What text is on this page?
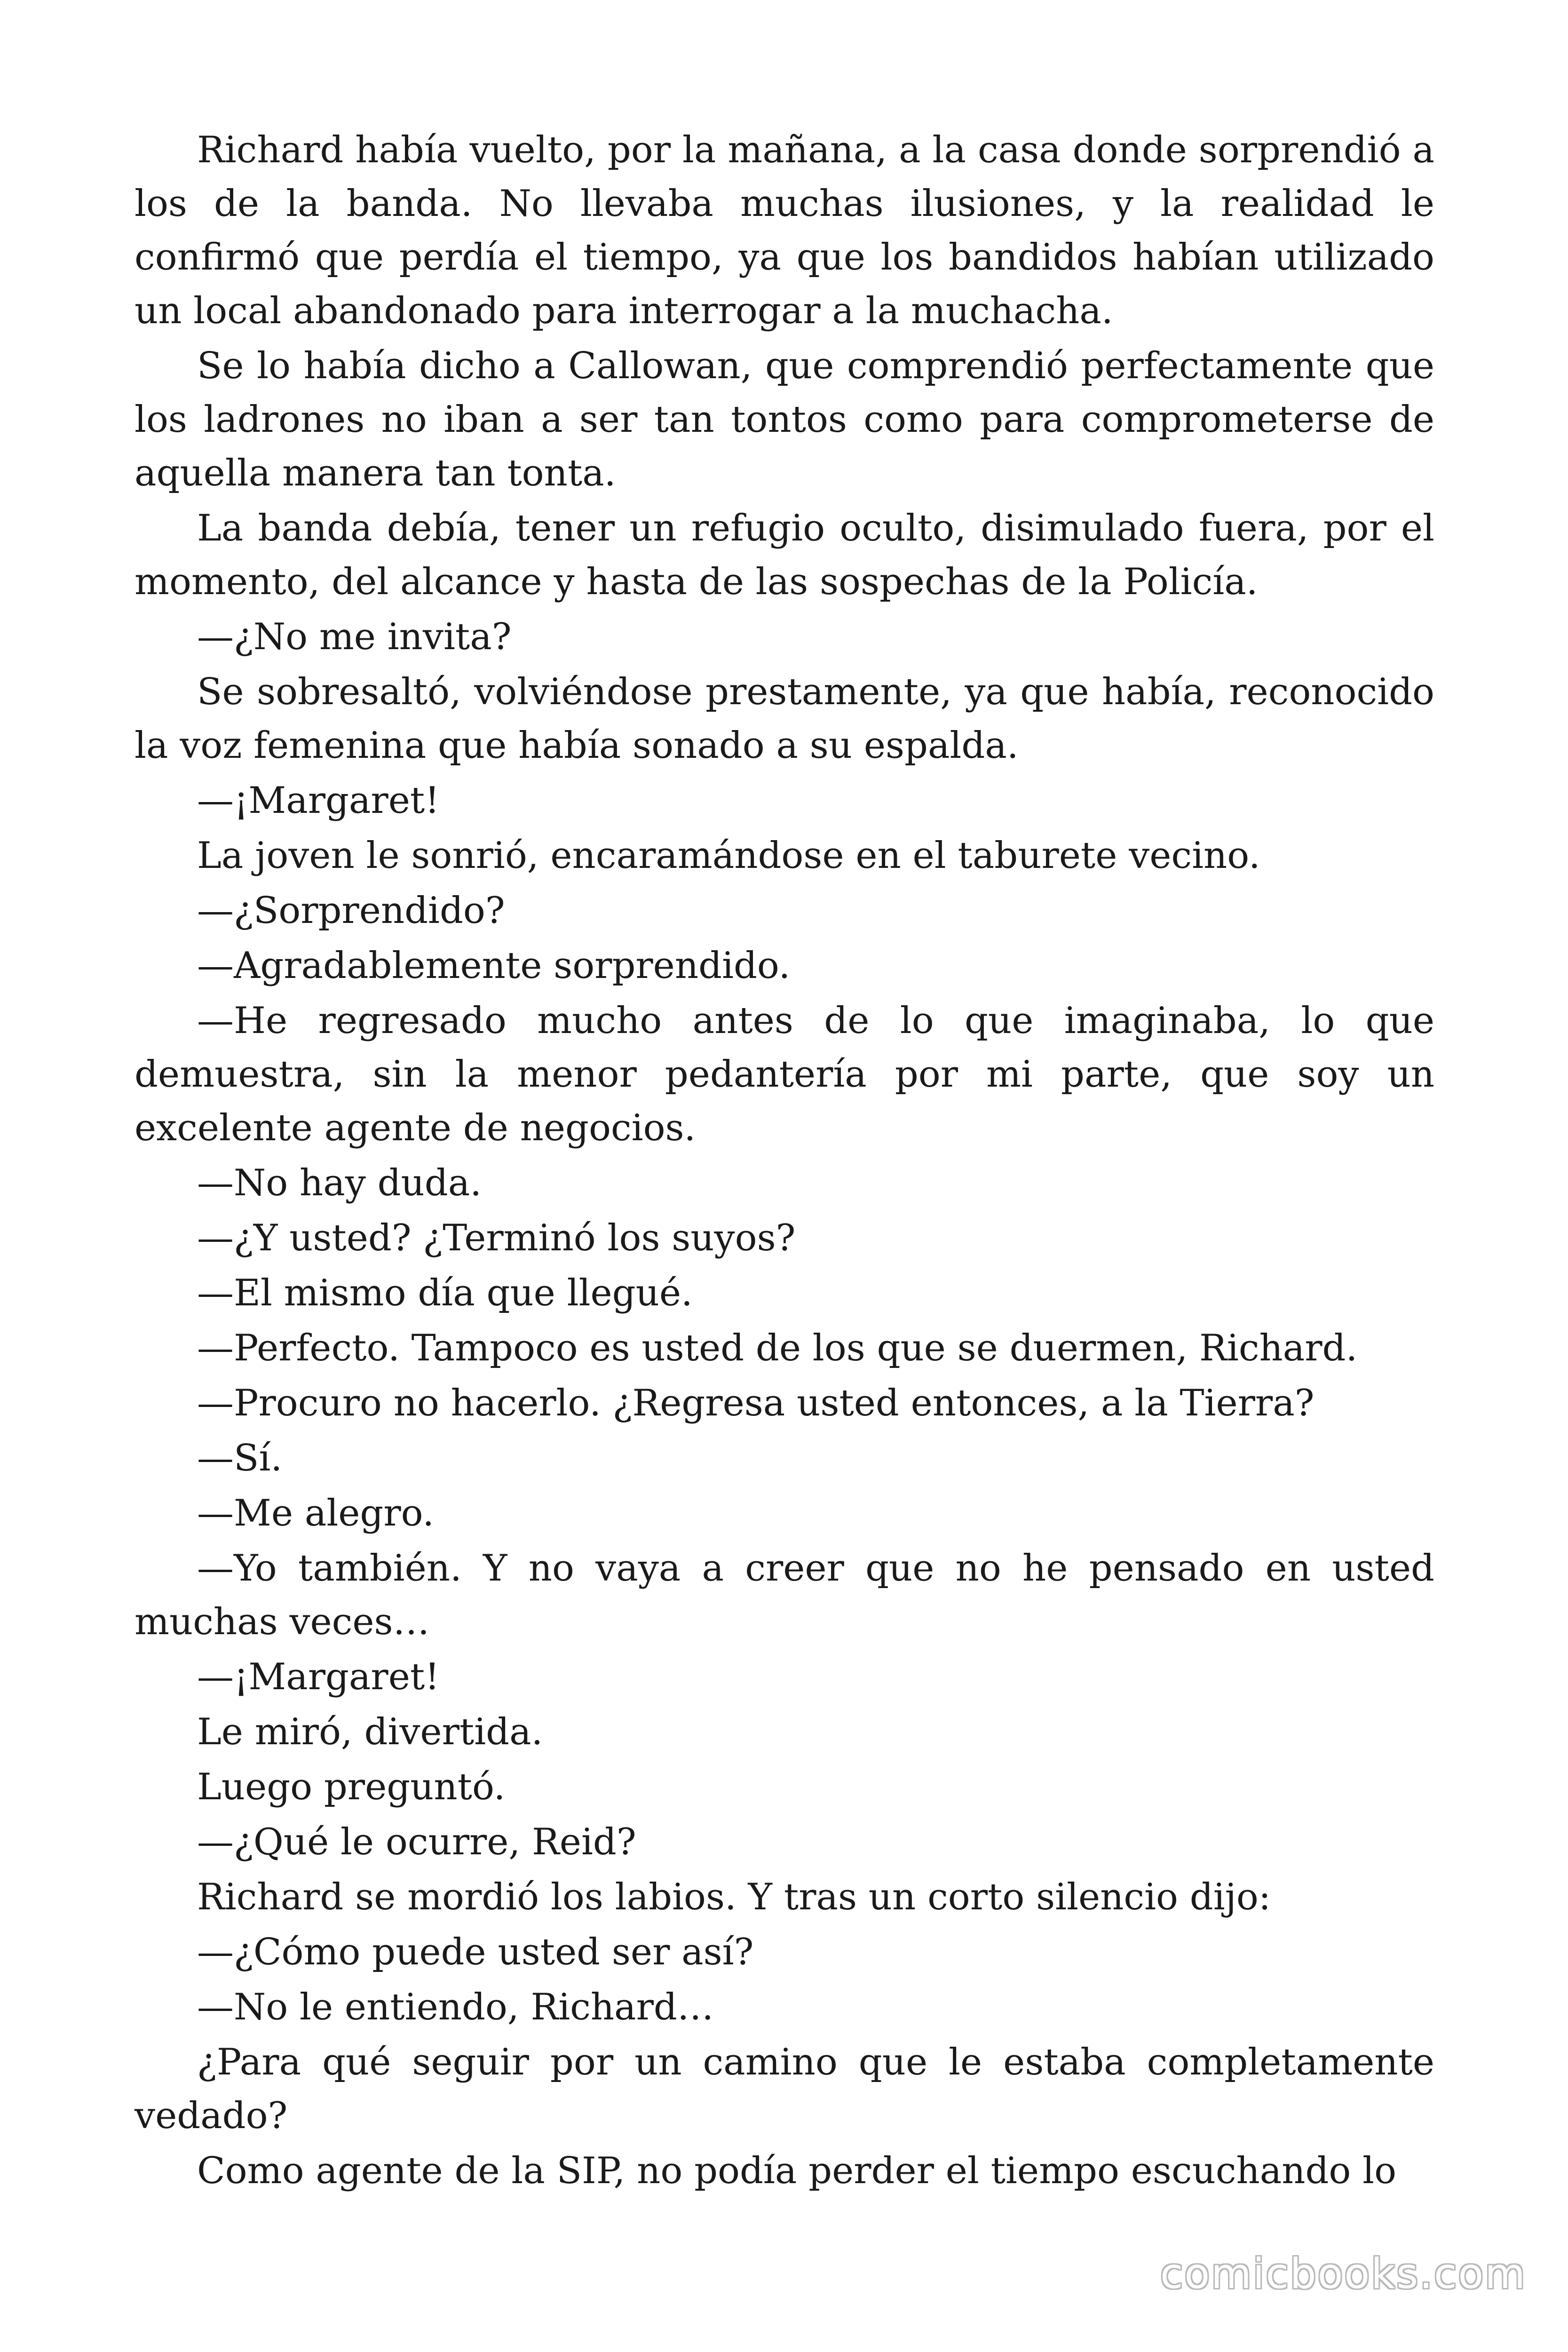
Richard había vuelto, por la mañana, a la casa donde sorprendió a los de la banda. No llevaba muchas ilusiones, y la realidad le confirmó que perdía el tiempo, ya que los bandidos habían utilizado un local abandonado para interrogar a la muchacha.

Se lo había dicho a Callowan, que comprendió perfectamente que los ladrones no iban a ser tan tontos como para comprometerse de aquella manera tan tonta.

La banda debía, tener un refugio oculto, disimulado fuera, por el momento, del alcance y hasta de las sospechas de la Policía.

—¿No me invita?

Se sobresaltó, volviéndose prestamente, ya que había, reconocido la voz femenina que había sonado a su espalda.

—¡Margaret!

La joven le sonrió, encaramándose en el taburete vecino.

—¿Sorprendido?

—Agradablemente sorprendido.

—He regresado mucho antes de lo que imaginaba, lo que demuestra, sin la menor pedantería por mi parte, que soy un excelente agente de negocios.

—No hay duda.

—¿Y usted? ¿Terminó los suyos?

—El mismo día que llegué.

—Perfecto. Tampoco es usted de los que se duermen, Richard.

—Procuro no hacerlo. ¿Regresa usted entonces, a la Tierra?

—Sí.

—Me alegro.

—Yo también. Y no vaya a creer que no he pensado en usted muchas veces…

—¡Margaret!

Le miró, divertida.

Luego preguntó.

—¿Qué le ocurre, Reid?

Richard se mordió los labios. Y tras un corto silencio dijo:

—¿Cómo puede usted ser así?

—No le entiendo, Richard…

¿Para qué seguir por un camino que le estaba completamente vedado?

Como agente de la SIP, no podía perder el tiempo escuchando lo

comicbooks.com
